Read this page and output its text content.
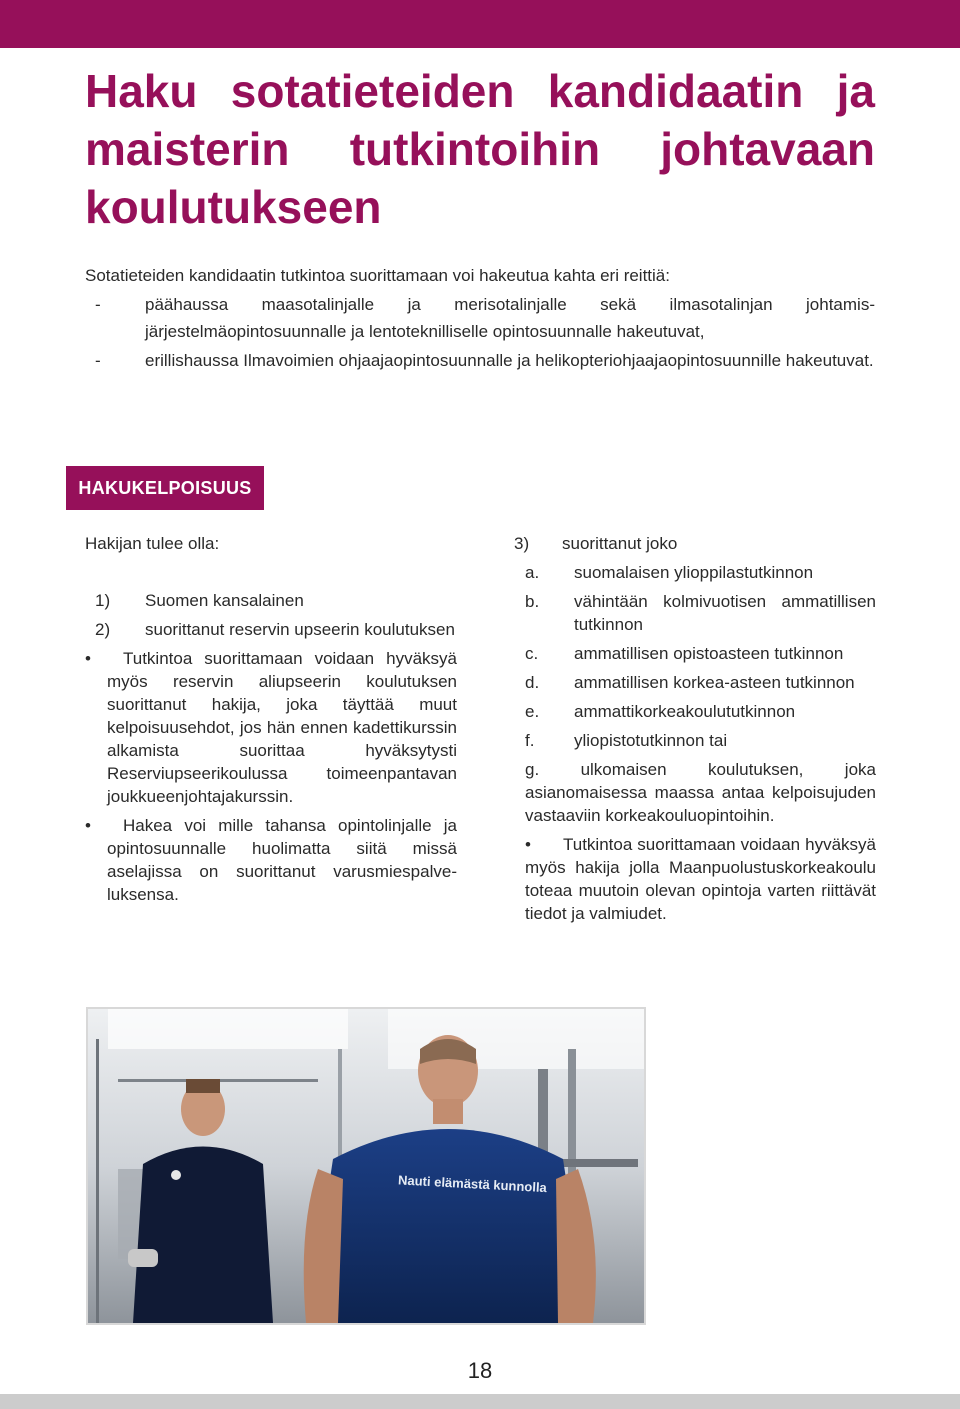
Haku sotatieteiden kandidaatin ja maisterin tutkintoihin johtavaan koulutukseen

Sotatieteiden kandidaatin tutkintoa suorittamaan voi hakeutua kahta eri reittiä:

-	päähaussa maasotalinjalle ja merisotalinjalle sekä ilmasotalinjan johtamisjärjestelmäopintosuunnalle ja lentoteknilliselle opintosuunnalle hakeutuvat,
-	erillishaussa Ilmavoimien ohjaajaopintosuunnalle ja helikopteriohjaajaopintosuunnille hakeutuvat.
HAKUKELPOISUUS

Hakijan tulee olla:

1) Suomen kansalainen
2) suorittanut reservin upseerin koulutuksen

• Tutkintoa suorittamaan voidaan hyväksyä myös reservin aliupseerin koulutuksen suorittanut hakija, joka täyttää muut kelpoisuusehdot, jos hän ennen kadettikurssin alkamista suorittaa hyväksytysti Reserviupseerikoulussa toimeenpantavan joukkueenjohtajakurssin.

• Hakea voi mille tahansa opintolinjalle ja opintosuunnalle huolimatta siitä missä aselajissa on suorittanut varusmiespalveluksensa.

3) suorittanut joko
a. suomalaisen ylioppilastutkinnon
b. vähintään kolmivuotisen ammatillisen tutkinnon
c. ammatillisen opistoasteen tutkinnon
d. ammatillisen korkea-asteen tutkinnon
e. ammattikorkeakoulututkinnon
f. yliopistotutkinnon tai

g. ulkomaisen koulutuksen, joka asianomaisessa maassa antaa kelpoisujuden vastaaviin korkeakouluopintoihin.

• Tutkintoa suorittamaan voidaan hyväksyä myös hakija jolla Maanpuolustuskorkeakoulu toteaa muutoin olevan opintoja varten riittävät tiedot ja valmiudet.

Nauti elämästä kunnolla
18
